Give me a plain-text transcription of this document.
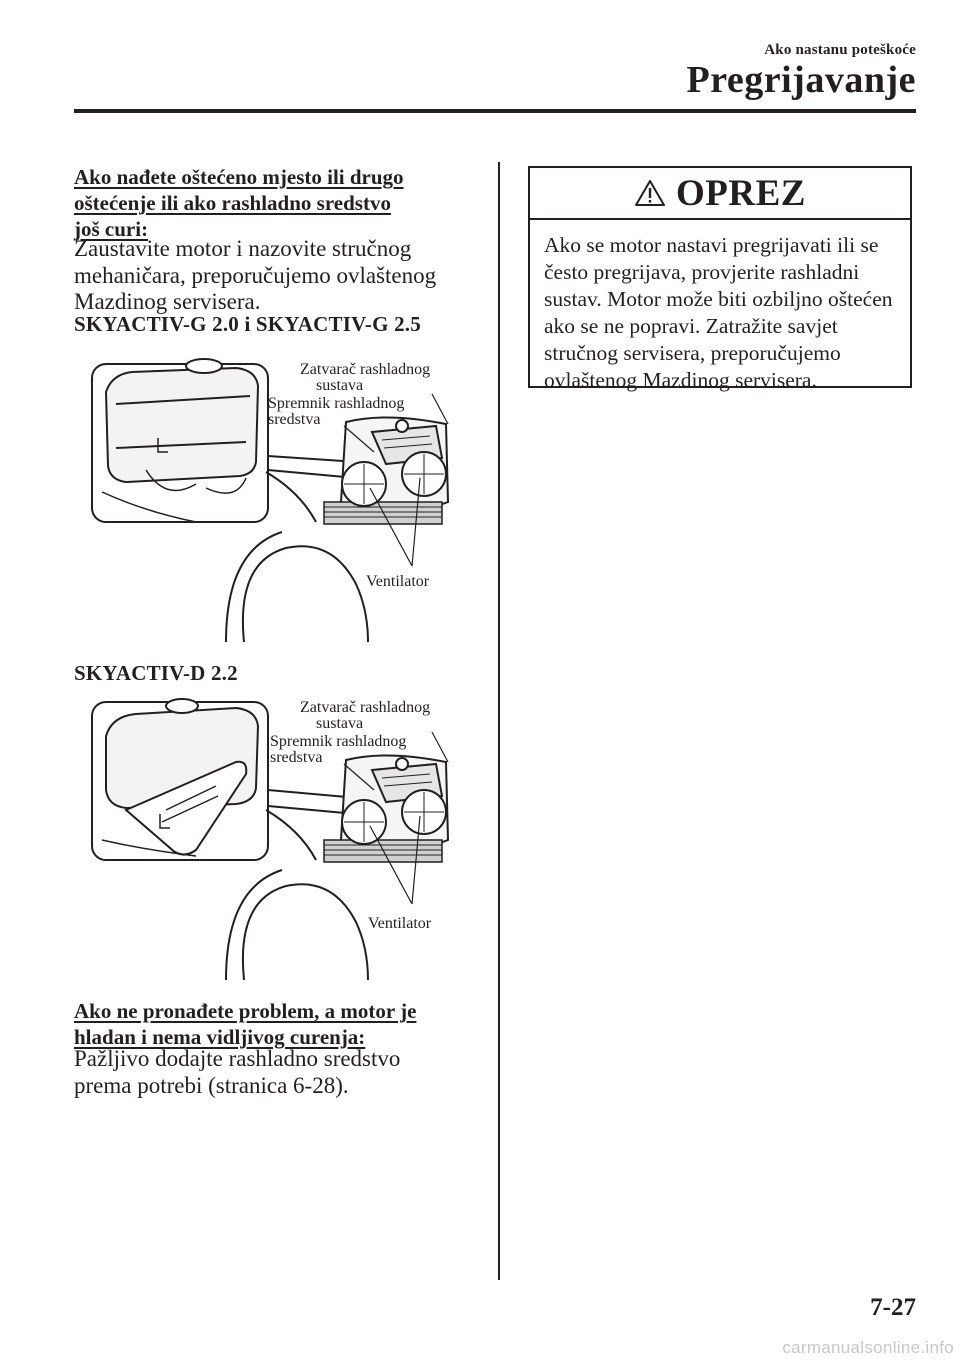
Ako nastanu poteškoće
Pregrijavanje
Ako nađete oštećeno mjesto ili drugo
oštećenje ili ako rashladno sredstvo
još curi:
Zaustavite motor i nazovite stručnog
mehaničara, preporučujemo ovlaštenog
Mazdinog servisera.
SKYACTIV-G 2.0 i SKYACTIV-G 2.5
Zatvarač rashladnog
sustava
Spremnik rashladnog
sredstva
Ventilator
SKYACTIV-D 2.2
Zatvarač rashladnog
sustava
Spremnik rashladnog
sredstva
Ventilator
Ako ne pronađete problem, a motor je
hladan i nema vidljivog curenja:
Pažljivo dodajte rashladno sredstvo
prema potrebi (stranica 6-28).
OPREZ
Ako se motor nastavi pregrijavati ili se
često pregrijava, provjerite rashladni
sustav. Motor može biti ozbiljno oštećen
ako se ne popravi. Zatražite savjet
stručnog servisera, preporučujemo
ovlaštenog Mazdinog servisera.
7-27
carmanualsonline.info
